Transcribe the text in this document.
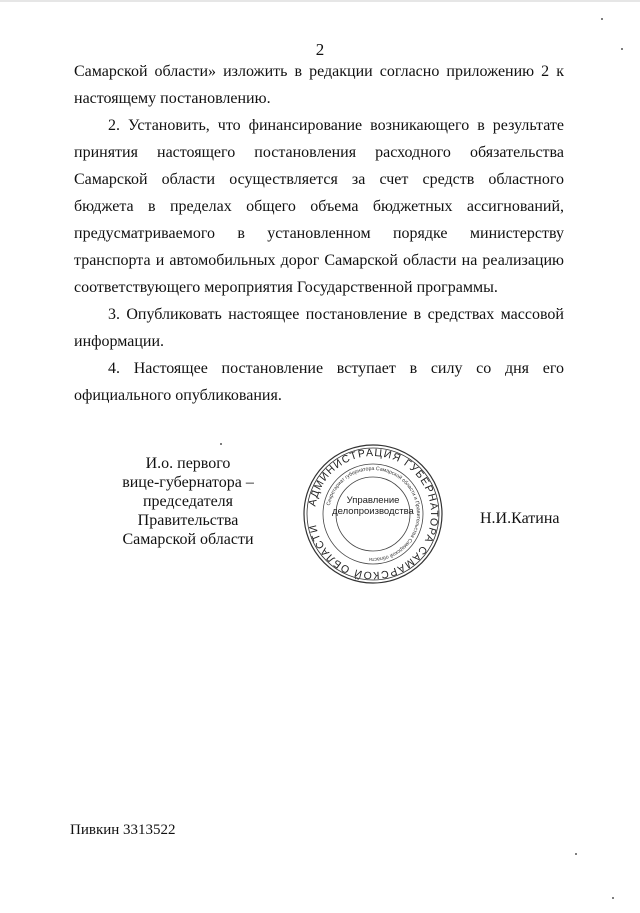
2

Самарской области» изложить в редакции согласно приложению 2 к настоящему постановлению.

2. Установить, что финансирование возникающего в результате принятия настоящего постановления расходного обязательства Самарской области осуществляется за счет средств областного бюджета в пределах общего объема бюджетных ассигнований, предусматриваемого в установленном порядке министерству транспорта и автомобильных дорог Самарской области на реализацию соответствующего мероприятия Государственной программы.

3. Опубликовать настоящее постановление в средствах массовой информации.

4. Настоящее постановление вступает в силу со дня его официального опубликования.

И.о. первого
вице-губернатора –
председателя Правительства
Самарской области
АДМИНИСТРАЦИЯ ГУБЕРНАТОРА САМАРСКОЙ ОБЛАСТИ
Секретариат губернатора Самарской области и Правительства Самарской области
Управление
делопроизводства	Н.И.Катина
Пивкин 3313522
